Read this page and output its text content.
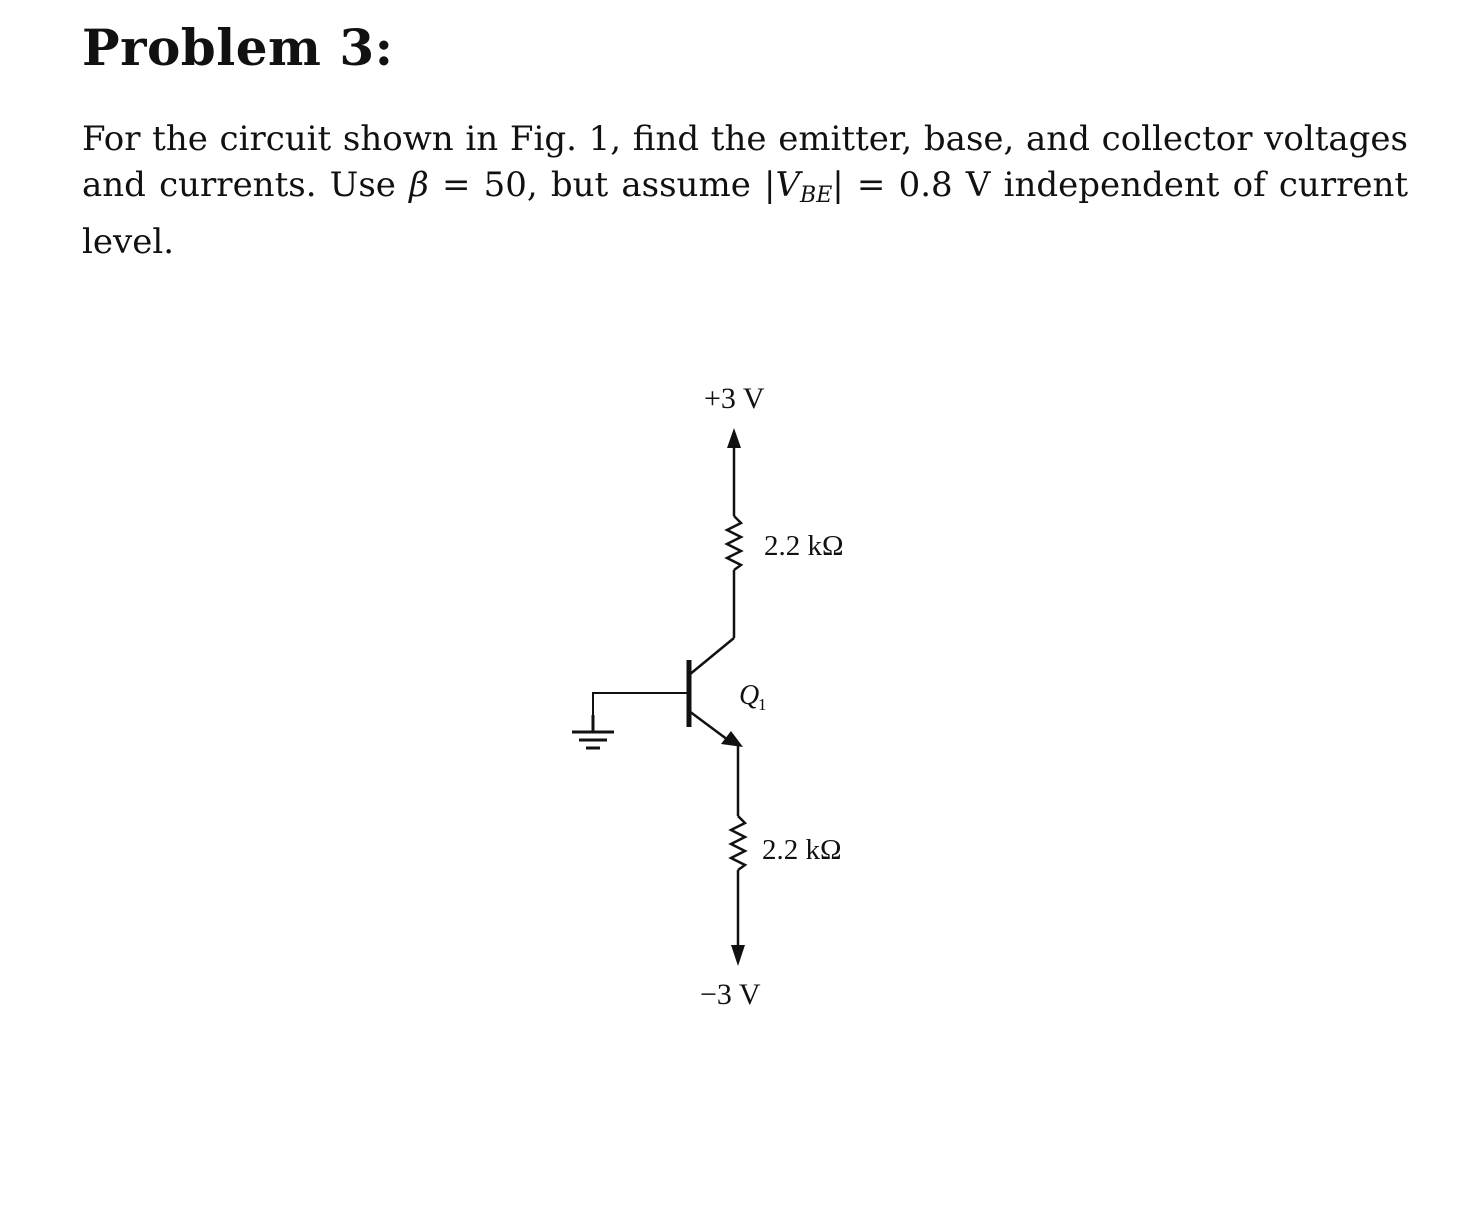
Problem 3:
For the circuit shown in Fig. 1, find the emitter, base, and collector voltages
and currents. Use β = 50, but assume |VBE| = 0.8 V independent of current
level.
+3 V
2.2 kΩ
Q
1
2.2 kΩ
−3 V
